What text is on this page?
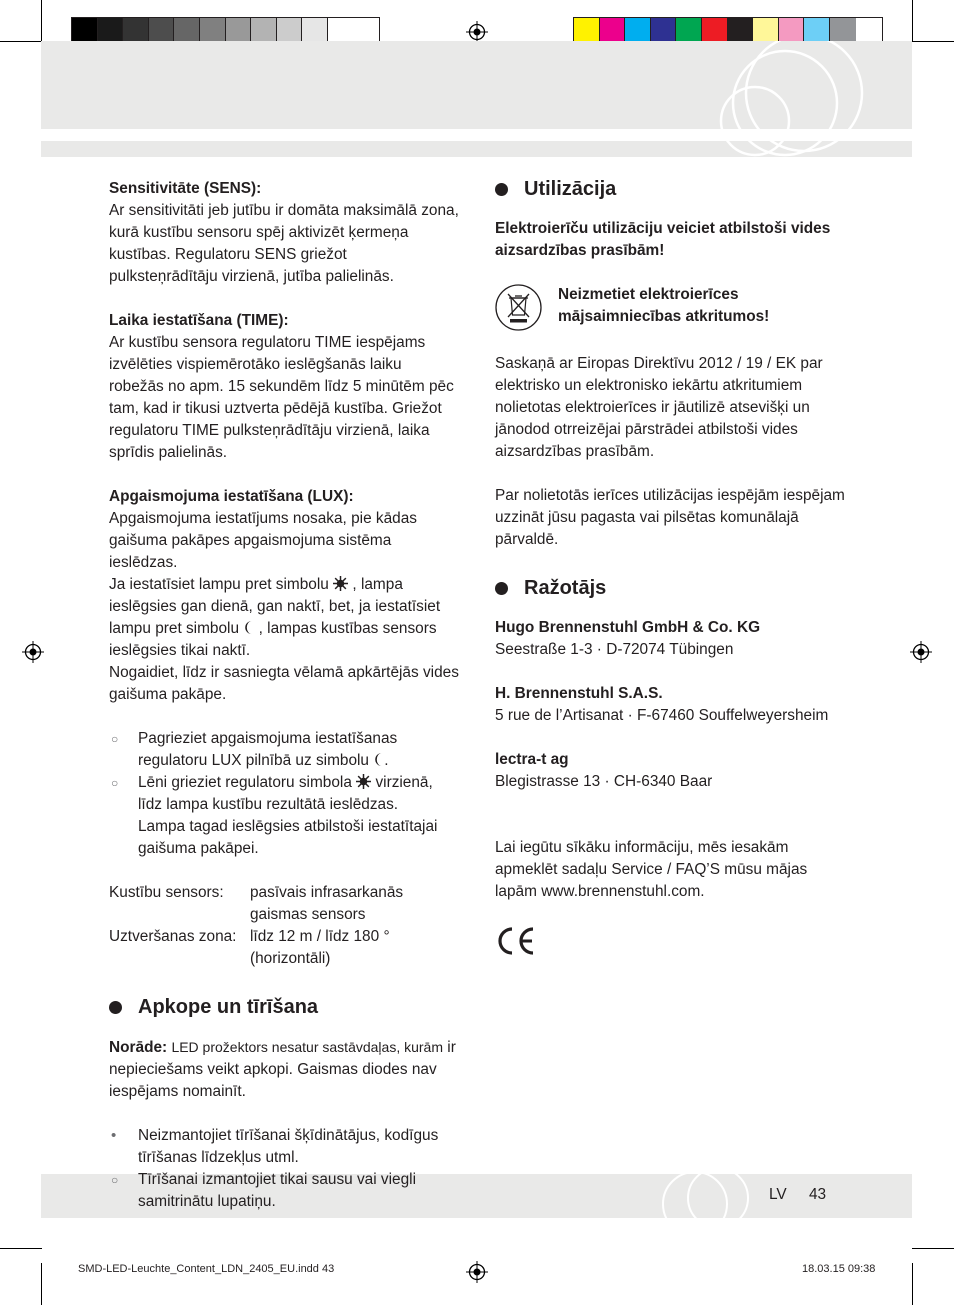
LV 43
Sensitivitāte (SENS):
Ar sensitivitāti jeb jutību ir domāta maksimālā zona, kurā kustību sensoru spēj aktivizēt ķermeņa kustības. Regulatoru SENS griežot pulksteņrādītāju virzienā, jutība palielinās.
Laika iestatīšana (TIME):
Ar kustību sensora regulatoru TIME iespējams izvēlēties vispiemērotāko ieslēgšanās laiku robežās no apm. 15 sekundēm līdz 5 minūtēm pēc tam, kad ir tikusi uztverta pēdējā kustība. Griežot regulatoru TIME pulksteņrādītāju virzienā, laika sprīdis palielinās.
Apgaismojuma iestatīšana (LUX):
Apgaismojuma iestatījums nosaka, pie kādas gaišuma pakāpes apgaismojuma sistēma ieslēdzas.
Ja iestatīsiet lampu pret simbolu , lampa ieslēgsies gan dienā, gan naktī, bet, ja iestatīsiet lampu pret simbolu , lampas kustības sensors ieslēgsies tikai naktī.
Nogaidiet, līdz ir sasniegta vēlamā apkārtējās vides gaišuma pakāpe.
○	Pagrieziet apgaismojuma iestatīšanas regulatoru LUX pilnībā uz simbolu .
○	Lēni grieziet regulatoru simbola virzienā, līdz lampa kustību rezultātā ieslēdzas.
Lampa tagad ieslēgsies atbilstoši iestatītajai gaišuma pakāpei.
Kustību sensors:	pasīvais infrasarkanās gaismas sensors
Uztveršanas zona: līdz 12 m / līdz 180 ° (horizontāli)
Apkope un tīrīšana
Norāde: LED prožektors nesatur sastāvdaļas, kurām ir nepieciešams veikt apkopi. Gaismas diodes nav iespējams nomainīt.
•	Neizmantojiet tīrīšanai šķīdinātājus, kodīgus tīrīšanas līdzekļus utml.
○	Tīrīšanai izmantojiet tikai sausu vai viegli samitrinātu lupatiņu.
Utilizācija
Elektroierīču utilizāciju veiciet atbilstoši vides aizsardzības prasībām!
Neizmetiet elektroierīces mājsaimniecības atkritumos!
Saskaņā ar Eiropas Direktīvu 2012 / 19 / EK par elektrisko un elektronisko iekārtu atkritumiem nolietotas elektroierīces ir jāutilizē atsevišķi un jānodod otrreizējai pārstrādei atbilstoši vides aizsardzības prasībām.
Par nolietotās ierīces utilizācijas iespējām iespējam uzzināt jūsu pagasta vai pilsētas komunālajā pārvaldē.
Ražotājs
Hugo Brennenstuhl GmbH & Co. KG
Seestraße 1-3 · D-72074 Tübingen
H. Brennenstuhl S.A.S.
5 rue de l’Artisanat · F-67460 Souffelweyersheim
lectra-t ag
Blegistrasse 13 · CH-6340 Baar
Lai iegūtu sīkāku informāciju, mēs iesakām apmeklēt sadaļu Service / FAQ’S mūsu mājas lapām www.brennenstuhl.com.
SMD-LED-Leuchte_Content_LDN_2405_EU.indd 43	18.03.15 09:38
